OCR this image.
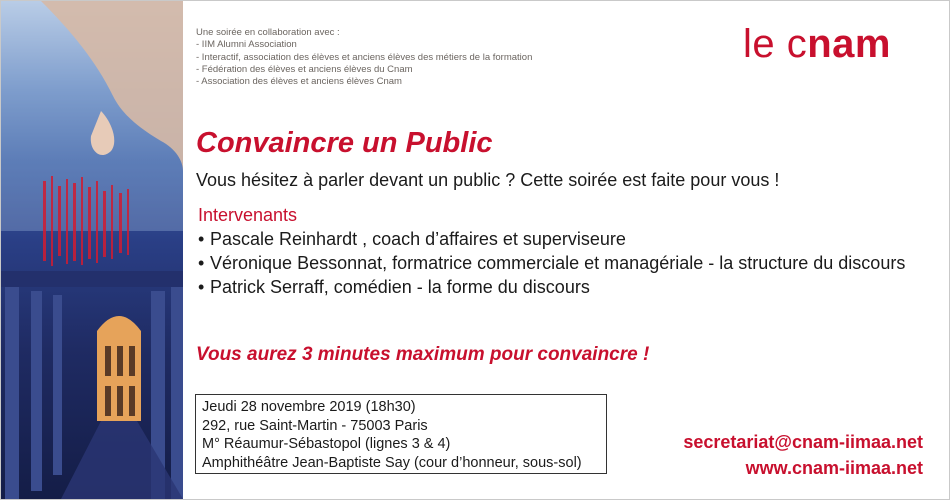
Une soirée en collaboration avec :
- IIM Alumni Association
- Interactif, association des élèves et anciens élèves des métiers de la formation
- Fédération des élèves et anciens élèves du Cnam
- Association des élèves et anciens élèves Cnam
le cnam
Convaincre un Public
Vous hésitez à parler devant un public ? Cette soirée est faite pour vous !
Intervenants
• Pascale Reinhardt , coach d’affaires et superviseure
• Véronique Bessonnat, formatrice commerciale et managériale - la structure du discours
• Patrick Serraff, comédien - la forme du discours
Vous aurez 3 minutes maximum pour convaincre !
Jeudi 28 novembre 2019 (18h30)
292, rue Saint-Martin - 75003 Paris
M° Réaumur-Sébastopol (lignes 3 & 4)
Amphithéâtre Jean-Baptiste Say (cour d’honneur, sous-sol)
secretariat@cnam-iimaa.net
www.cnam-iimaa.net
